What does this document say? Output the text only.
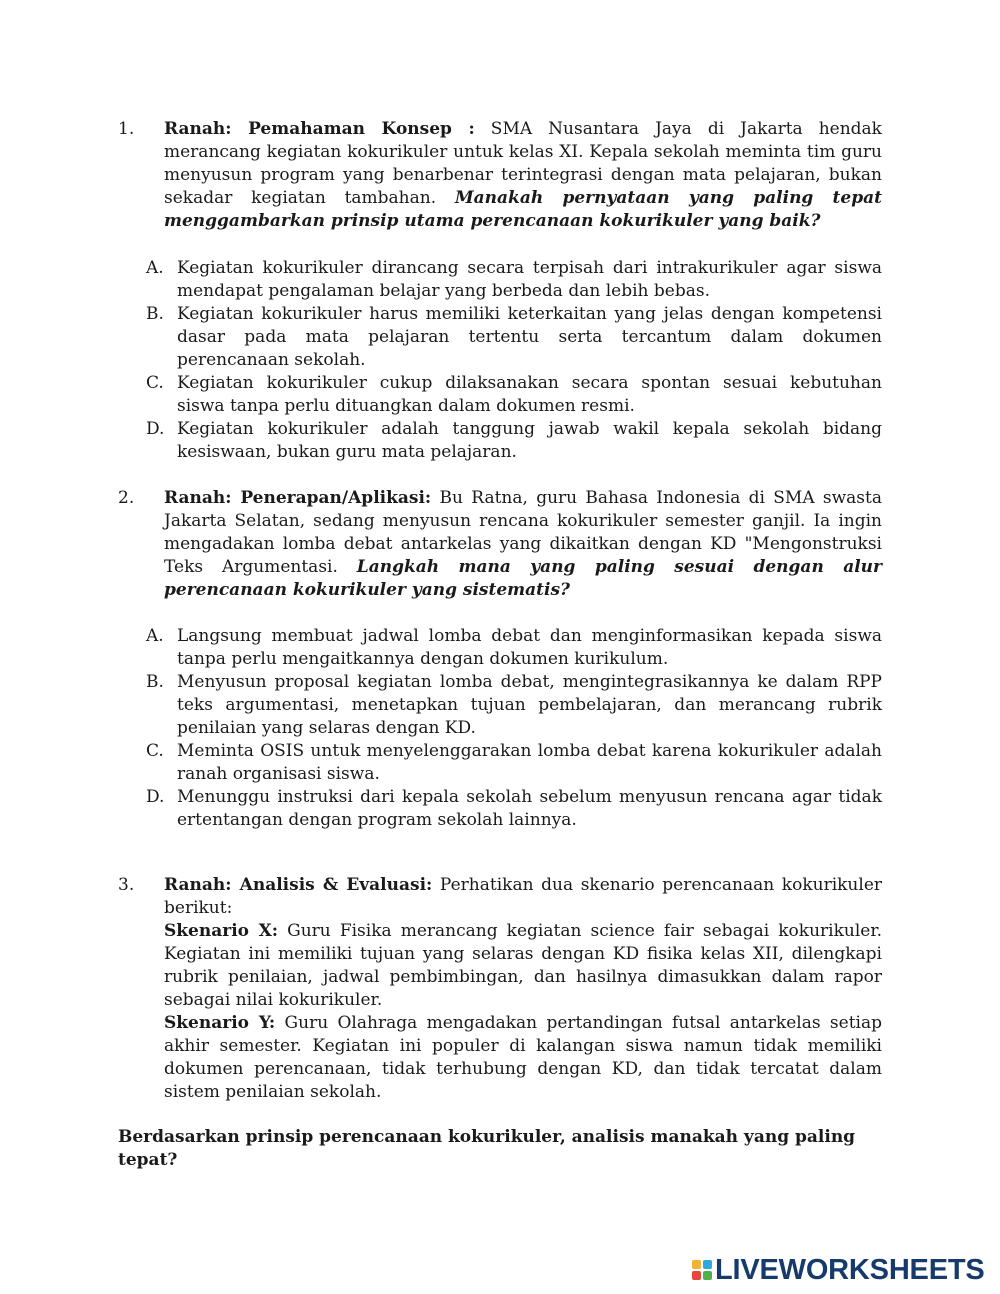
1.	Ranah: Pemahaman Konsep : SMA Nusantara Jaya di Jakarta hendak merancang kegiatan kokurikuler untuk kelas XI. Kepala sekolah meminta tim guru menyusun program yang benarbenar terintegrasi dengan mata pelajaran, bukan sekadar kegiatan tambahan. Manakah pernyataan yang paling tepat menggambarkan prinsip utama perencanaan kokurikuler yang baik?
A. Kegiatan kokurikuler dirancang secara terpisah dari intrakurikuler agar siswa mendapat pengalaman belajar yang berbeda dan lebih bebas.
B. Kegiatan kokurikuler harus memiliki keterkaitan yang jelas dengan kompetensi dasar pada mata pelajaran tertentu serta tercantum dalam dokumen perencanaan sekolah.
C. Kegiatan kokurikuler cukup dilaksanakan secara spontan sesuai kebutuhan siswa tanpa perlu dituangkan dalam dokumen resmi.
D. Kegiatan kokurikuler adalah tanggung jawab wakil kepala sekolah bidang kesiswaan, bukan guru mata pelajaran.
2.	Ranah: Penerapan/Aplikasi: Bu Ratna, guru Bahasa Indonesia di SMA swasta Jakarta Selatan, sedang menyusun rencana kokurikuler semester ganjil. Ia ingin mengadakan lomba debat antarkelas yang dikaitkan dengan KD "Mengonstruksi Teks Argumentasi. Langkah mana yang paling sesuai dengan alur perencanaan kokurikuler yang sistematis?
A. Langsung membuat jadwal lomba debat dan menginformasikan kepada siswa tanpa perlu mengaitkannya dengan dokumen kurikulum.
B. Menyusun proposal kegiatan lomba debat, mengintegrasikannya ke dalam RPP teks argumentasi, menetapkan tujuan pembelajaran, dan merancang rubrik penilaian yang selaras dengan KD.
C. Meminta OSIS untuk menyelenggarakan lomba debat karena kokurikuler adalah ranah organisasi siswa.
D. Menunggu instruksi dari kepala sekolah sebelum menyusun rencana agar tidak ertentangan dengan program sekolah lainnya.
3.	Ranah: Analisis & Evaluasi: Perhatikan dua skenario perencanaan kokurikuler berikut:
Skenario X: Guru Fisika merancang kegiatan science fair sebagai kokurikuler. Kegiatan ini memiliki tujuan yang selaras dengan KD fisika kelas XII, dilengkapi rubrik penilaian, jadwal pembimbingan, dan hasilnya dimasukkan dalam rapor sebagai nilai kokurikuler.
Skenario Y: Guru Olahraga mengadakan pertandingan futsal antarkelas setiap akhir semester. Kegiatan ini populer di kalangan siswa namun tidak memiliki dokumen perencanaan, tidak terhubung dengan KD, dan tidak tercatat dalam sistem penilaian sekolah.
Berdasarkan prinsip perencanaan kokurikuler, analisis manakah yang paling tepat?
LIVEWORKSHEETS
